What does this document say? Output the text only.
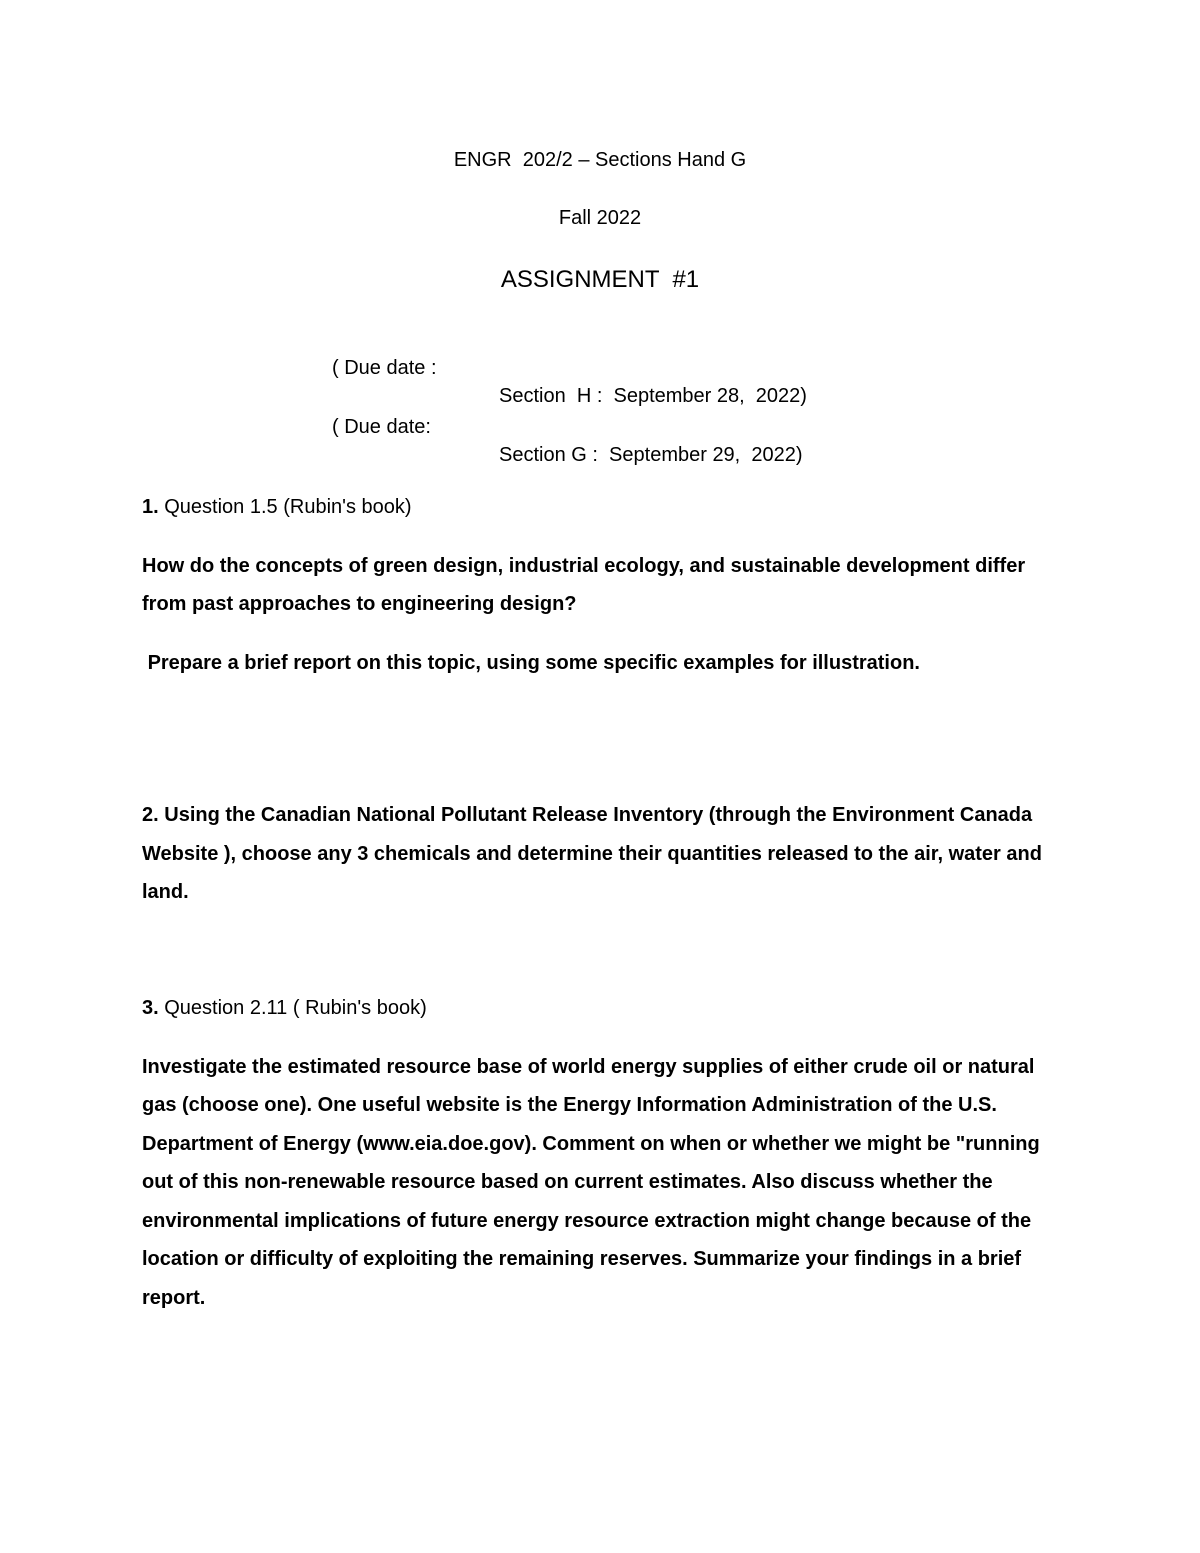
ENGR  202/2 – Sections Hand G
Fall 2022
ASSIGNMENT  #1

( Due date :

Section  H :  September 28,  2022)

( Due date:

Section G :  September 29,  2022)

1. Question 1.5 (Rubin's book)
How do the concepts of green design, industrial ecology, and sustainable development differ from past approaches to engineering design?
Prepare a brief report on this topic, using some specific examples for illustration.
2. Using the Canadian National Pollutant Release Inventory (through the Environment Canada Website ), choose any 3 chemicals and determine their quantities released to the air, water and land.
3. Question 2.11 ( Rubin's book)
Investigate the estimated resource base of world energy supplies of either crude oil or natural gas (choose one). One useful website is the Energy Information Administration of the U.S. Department of Energy (www.eia.doe.gov). Comment on when or whether we might be "running out of this non-renewable resource based on current estimates. Also discuss whether the environmental implications of future energy resource extraction might change because of the location or difficulty of exploiting the remaining reserves. Summarize your findings in a brief report.
